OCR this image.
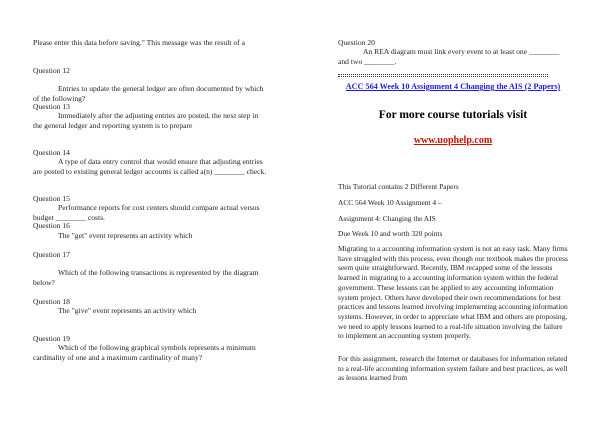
Please enter this data before saving." This message was the result of a

Question 12

Entries to update the general ledger are often documented by which of the following?

Question 13

Immediately after the adjusting entries are posted, the next step in the general ledger and reporting system is to prepare

Question 14

A type of data entry control that would ensure that adjusting entries are posted to existing general ledger accounts is called a(n) ________ check.

Question 15

Performance reports for cost centers should compare actual versus budget ________ costs.

Question 16

The "get" event represents an activity which

Question 17

Which of the following transactions is represented by the diagram below?

Question 18

The "give" event represents an activity which

Question 19

Which of the following graphical symbols represents a minimum cardinality of one and a maximum cardinality of many?

Question 20

An REA diagram must link every event to at least one ________ and two ________.

ACC 564 Week 10 Assignment 4 Changing the AIS (2 Papers)
For more course tutorials visit
www.uophelp.com

This Tutorial contains 2 Different Papers

ACC 564 Week 10 Assignment 4 –

Assignment 4: Changing the AIS

Due Week 10 and worth 320 points

Migrating to a accounting information system is not an easy task. Many firms have struggled with this process, even though our textbook makes the process seem quite straightforward. Recently, IBM recapped some of the lessons learned in migrating to a accounting information system within the federal government. These lessons can be applied to any accounting information system project. Others have developed their own recommendations for best practices and lessons learned involving implementing accounting information systems. However, in order to appreciate what IBM and others are proposing, we need to apply lessons learned to a real-life situation involving the failure to implement an accounting system properly.

For this assignment, research the Internet or databases for information related to a real-life accounting information system failure and best practices, as well as lessons learned from
